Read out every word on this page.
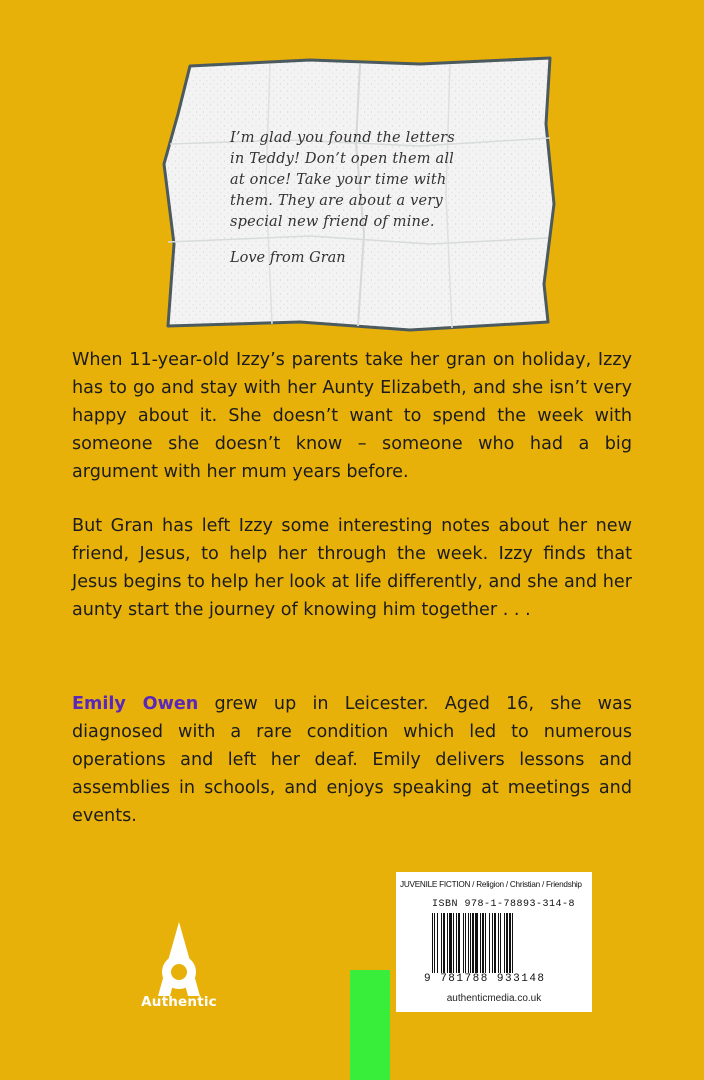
I’m glad you found the letters
in Teddy! Don’t open them all
at once! Take your time with
them. They are about a very
special new friend of mine.
Love from Gran
When 11-year-old Izzy’s parents take her gran on holiday, Izzy has to go and stay with her Aunty Elizabeth, and she isn’t very happy about it. She doesn’t want to spend the week with someone she doesn’t know – someone who had a big argument with her mum years before.
But Gran has left Izzy some interesting notes about her new friend, Jesus, to help her through the week. Izzy finds that Jesus begins to help her look at life differently, and she and her aunty start the journey of knowing him together . . .
Emily Owen grew up in Leicester. Aged 16, she was diagnosed with a rare condition which led to numerous operations and left her deaf. Emily delivers lessons and assemblies in schools, and enjoys speaking at meetings and events.
Authentic
JUVENILE FICTION / Religion / Christian / Friendship
ISBN 978-1-78893-314-8
9 781788 933148
authenticmedia.co.uk
